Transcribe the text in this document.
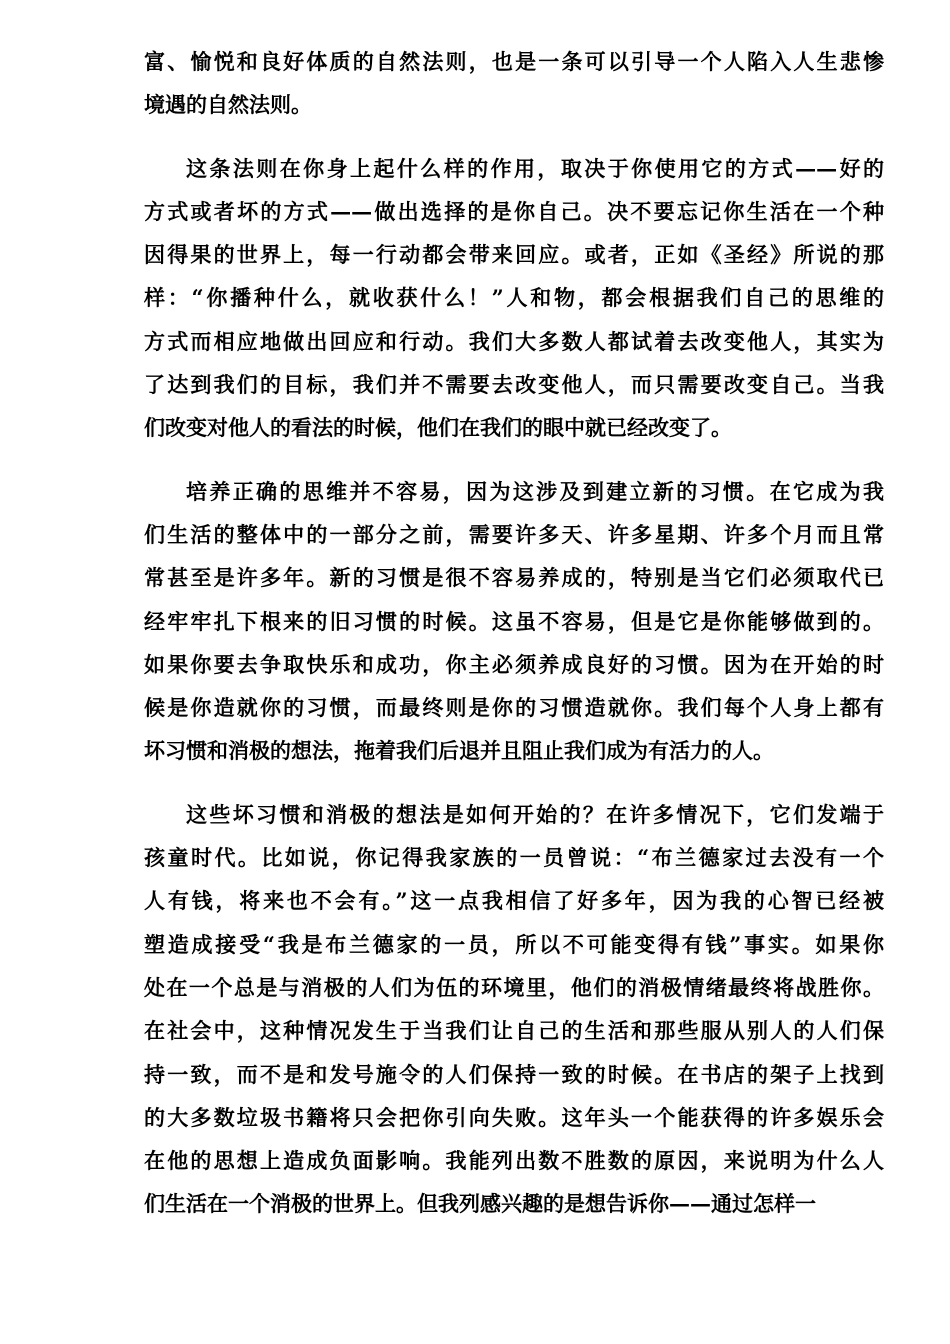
富、愉悦和良好体质的自然法则，也是一条可以引导一个人陷入人生悲惨
境遇的自然法则。
这条法则在你身上起什么样的作用，取决于你使用它的方式——好的
方式或者坏的方式——做出选择的是你自己。决不要忘记你生活在一个种
因得果的世界上，每一行动都会带来回应。或者，正如《圣经》所说的那
样：“你播种什么，就收获什么！”人和物，都会根据我们自己的思维的
方式而相应地做出回应和行动。我们大多数人都试着去改变他人，其实为
了达到我们的目标，我们并不需要去改变他人，而只需要改变自己。当我
们改变对他人的看法的时候，他们在我们的眼中就已经改变了。
培养正确的思维并不容易，因为这涉及到建立新的习惯。在它成为我
们生活的整体中的一部分之前，需要许多天、许多星期、许多个月而且常
常甚至是许多年。新的习惯是很不容易养成的，特别是当它们必须取代已
经牢牢扎下根来的旧习惯的时候。这虽不容易，但是它是你能够做到的。
如果你要去争取快乐和成功，你主必须养成良好的习惯。因为在开始的时
候是你造就你的习惯，而最终则是你的习惯造就你。我们每个人身上都有
坏习惯和消极的想法，拖着我们后退并且阻止我们成为有活力的人。
这些坏习惯和消极的想法是如何开始的？在许多情况下，它们发端于
孩童时代。比如说，你记得我家族的一员曾说：“布兰德家过去没有一个
人有钱，将来也不会有。”这一点我相信了好多年，因为我的心智已经被
塑造成接受“我是布兰德家的一员，所以不可能变得有钱”事实。如果你
处在一个总是与消极的人们为伍的环境里，他们的消极情绪最终将战胜你。
在社会中，这种情况发生于当我们让自己的生活和那些服从别人的人们保
持一致，而不是和发号施令的人们保持一致的时候。在书店的架子上找到
的大多数垃圾书籍将只会把你引向失败。这年头一个能获得的许多娱乐会
在他的思想上造成负面影响。我能列出数不胜数的原因，来说明为什么人
们生活在一个消极的世界上。但我列感兴趣的是想告诉你——通过怎样一
